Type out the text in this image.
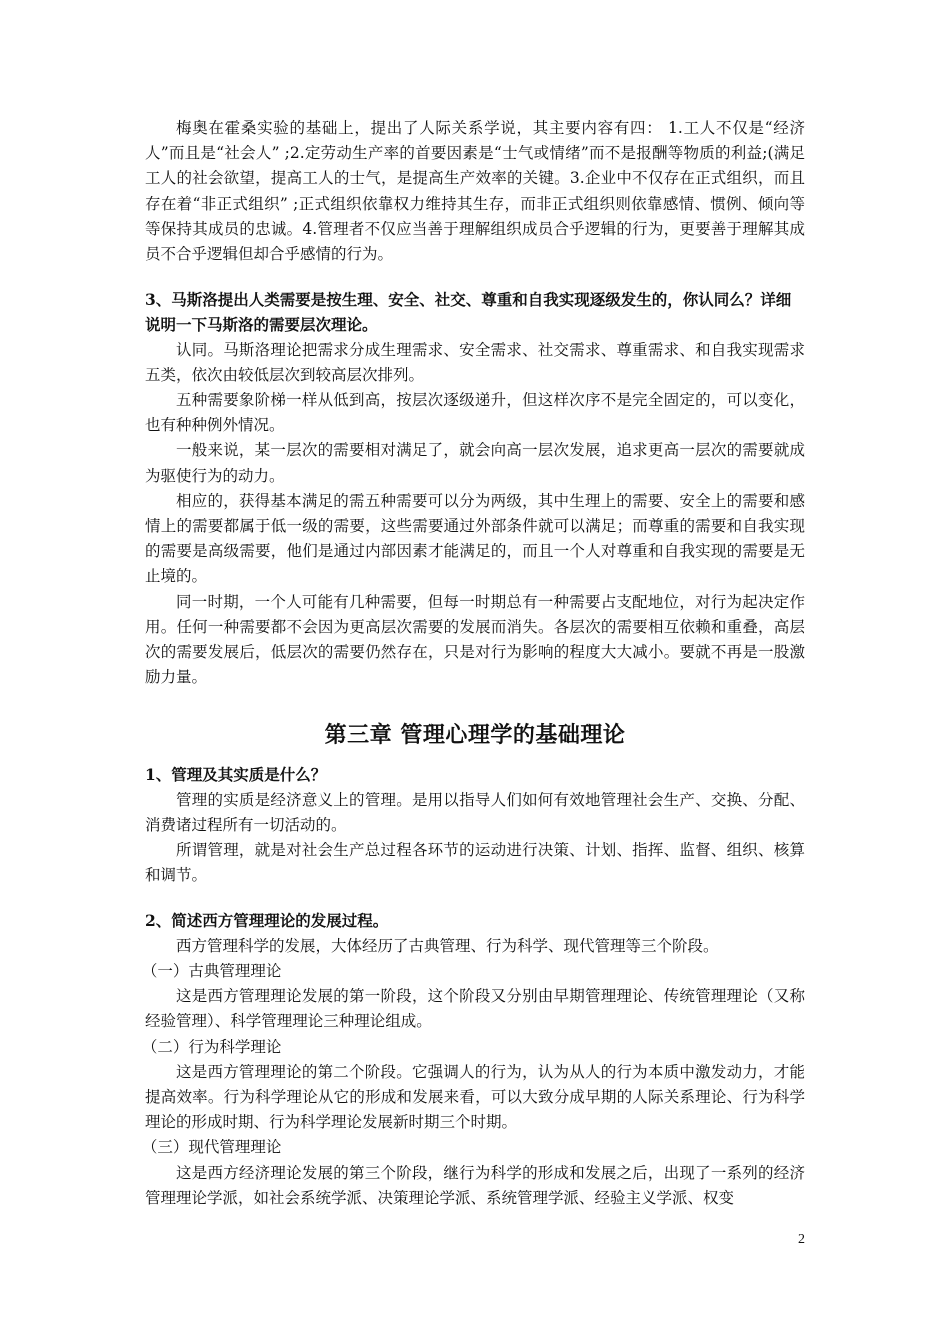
梅奥在霍桑实验的基础上，提出了人际关系学说，其主要内容有四： 1.工人不仅是“经济人”而且是“社会人” ;2.定劳动生产率的首要因素是“士气或情绪”而不是报酬等物质的利益;(满足工人的社会欲望，提高工人的士气，是提高生产效率的关键。3.企业中不仅存在正式组织，而且存在着“非正式组织” ;正式组织依靠权力维持其生存，而非正式组织则依靠感情、惯例、倾向等等保持其成员的忠诚。4.管理者不仅应当善于理解组织成员合乎逻辑的行为，更要善于理解其成员不合乎逻辑但却合乎感情的行为。

3、马斯洛提出人类需要是按生理、安全、社交、尊重和自我实现逐级发生的，你认同么？详细说明一下马斯洛的需要层次理论。

认同。马斯洛理论把需求分成生理需求、安全需求、社交需求、尊重需求、和自我实现需求五类，依次由较低层次到较高层次排列。

五种需要象阶梯一样从低到高，按层次逐级递升，但这样次序不是完全固定的，可以变化，也有种种例外情况。

一般来说，某一层次的需要相对满足了，就会向高一层次发展，追求更高一层次的需要就成为驱使行为的动力。

相应的，获得基本满足的需五种需要可以分为两级，其中生理上的需要、安全上的需要和感情上的需要都属于低一级的需要，这些需要通过外部条件就可以满足；而尊重的需要和自我实现的需要是高级需要，他们是通过内部因素才能满足的，而且一个人对尊重和自我实现的需要是无止境的。

同一时期，一个人可能有几种需要，但每一时期总有一种需要占支配地位，对行为起决定作用。任何一种需要都不会因为更高层次需要的发展而消失。各层次的需要相互依赖和重叠，高层次的需要发展后，低层次的需要仍然存在，只是对行为影响的程度大大减小。要就不再是一股激励力量。

第三章 管理心理学的基础理论

1、管理及其实质是什么？

管理的实质是经济意义上的管理。是用以指导人们如何有效地管理社会生产、交换、分配、消费诸过程所有一切活动的。

所谓管理，就是对社会生产总过程各环节的运动进行决策、计划、指挥、监督、组织、核算和调节。

2、简述西方管理理论的发展过程。

西方管理科学的发展，大体经历了古典管理、行为科学、现代管理等三个阶段。

（一）古典管理理论

这是西方管理理论发展的第一阶段，这个阶段又分别由早期管理理论、传统管理理论（又称经验管理）、科学管理理论三种理论组成。

（二）行为科学理论

这是西方管理理论的第二个阶段。它强调人的行为，认为从人的行为本质中激发动力，才能提高效率。行为科学理论从它的形成和发展来看，可以大致分成早期的人际关系理论、行为科学理论的形成时期、行为科学理论发展新时期三个时期。

（三）现代管理理论

这是西方经济理论发展的第三个阶段，继行为科学的形成和发展之后，出现了一系列的经济管理理论学派，如社会系统学派、决策理论学派、系统管理学派、经验主义学派、权变

2
